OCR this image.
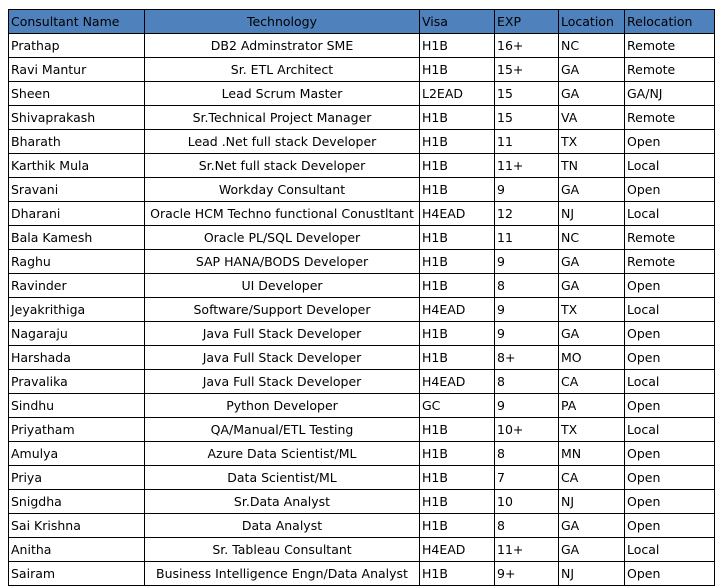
Consultant Name	Technology	Visa	EXP	Location	Relocation
Prathap	DB2 Adminstrator SME	H1B	16+	NC	Remote
Ravi Mantur	Sr. ETL Architect	H1B	15+	GA	Remote
Sheen	Lead Scrum Master	L2EAD	15	GA	GA/NJ
Shivaprakash	Sr.Technical Project Manager	H1B	15	VA	Remote
Bharath	Lead .Net full stack Developer	H1B	11	TX	Open
Karthik Mula	Sr.Net full stack Developer	H1B	11+	TN	Local
Sravani	Workday Consultant	H1B	9	GA	Open
Dharani	Oracle HCM Techno functional Conustltant	H4EAD	12	NJ	Local
Bala Kamesh	Oracle PL/SQL Developer	H1B	11	NC	Remote
Raghu	SAP HANA/BODS Developer	H1B	9	GA	Remote
Ravinder	UI Developer	H1B	8	GA	Open
Jeyakrithiga	Software/Support Developer	H4EAD	9	TX	Local
Nagaraju	Java Full Stack Developer	H1B	9	GA	Open
Harshada	Java Full Stack Developer	H1B	8+	MO	Open
Pravalika	Java Full Stack Developer	H4EAD	8	CA	Local
Sindhu	Python Developer	GC	9	PA	Open
Priyatham	QA/Manual/ETL Testing	H1B	10+	TX	Local
Amulya	Azure Data Scientist/ML	H1B	8	MN	Open
Priya	Data Scientist/ML	H1B	7	CA	Open
Snigdha	Sr.Data Analyst	H1B	10	NJ	Open
Sai Krishna	Data Analyst	H1B	8	GA	Open
Anitha	Sr. Tableau Consultant	H4EAD	11+	GA	Local
Sairam	Business Intelligence Engn/Data Analyst	H1B	9+	NJ	Open
